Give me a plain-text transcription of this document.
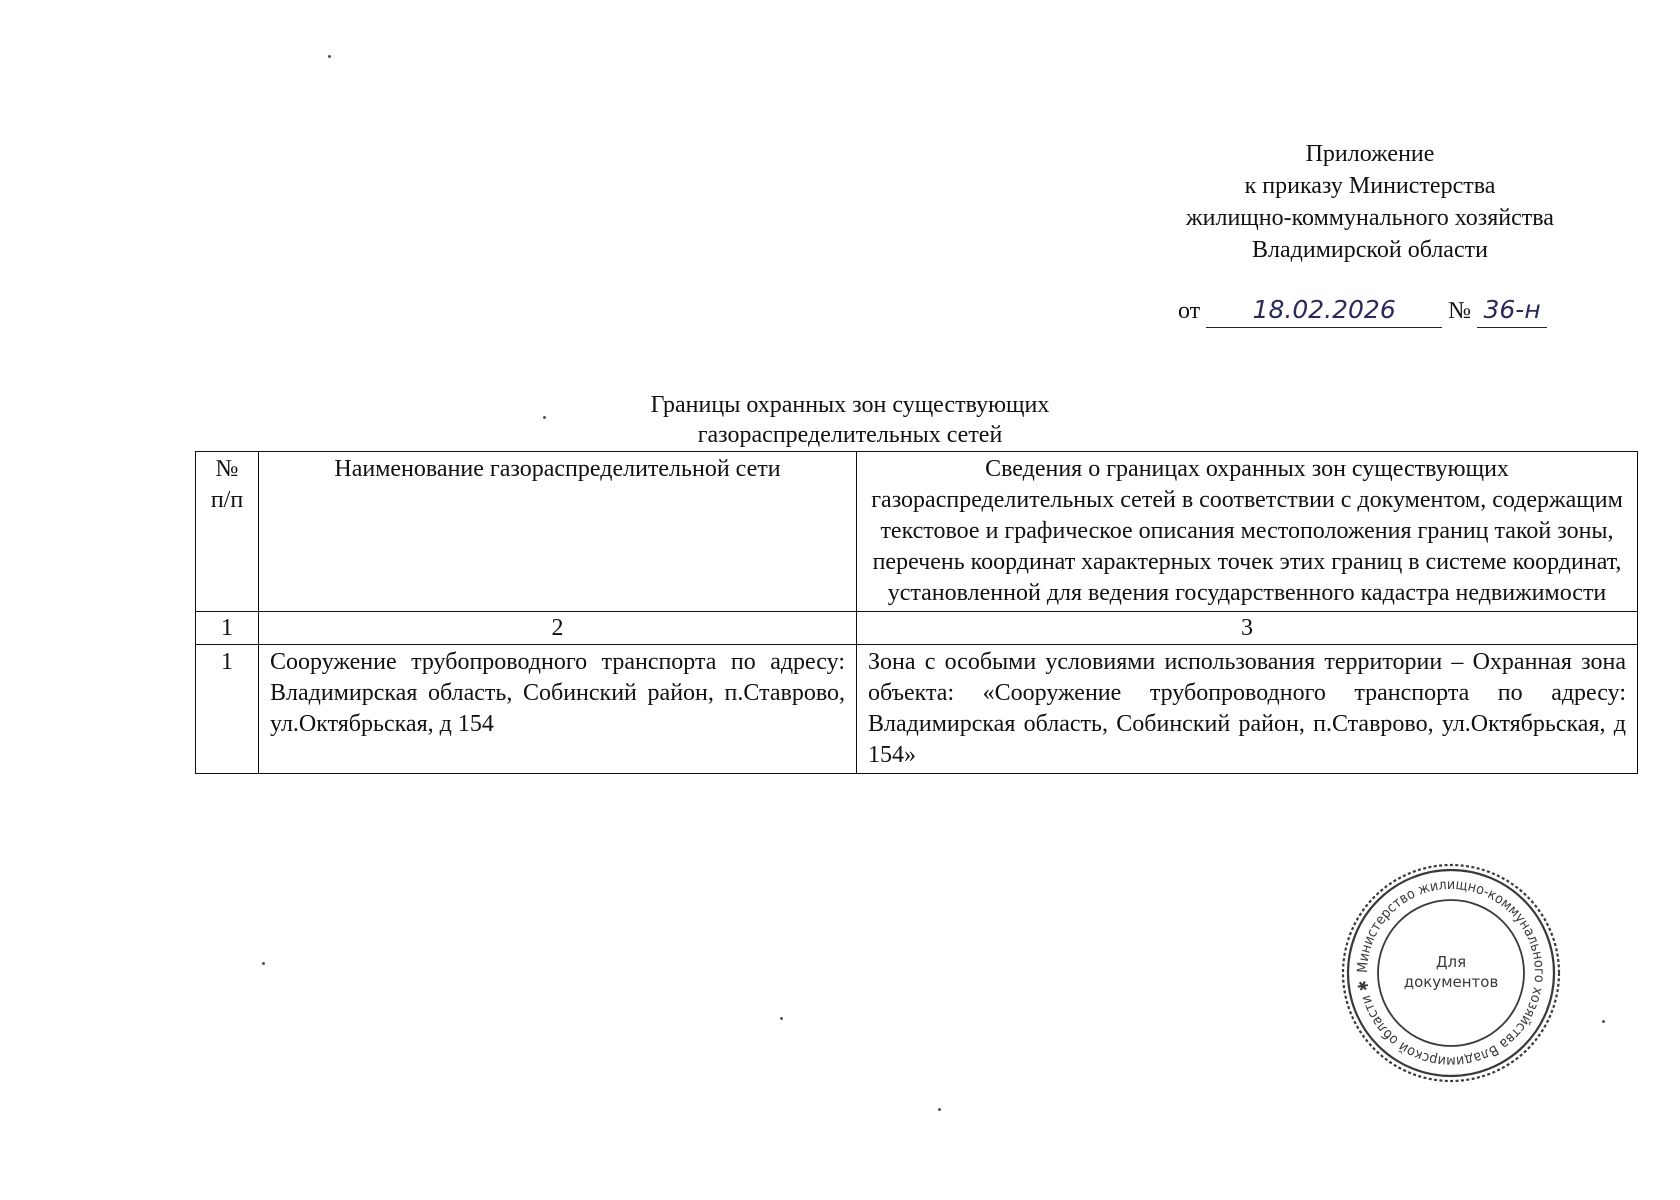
Приложение
к приказу Министерства
жилищно-коммунального хозяйства
Владимирской области
от 18.02.2026 № 36-н
Границы охранных зон существующих
газораспределительных сетей
№ п/п	Наименование газораспределительной сети	Сведения о границах охранных зон существующих газораспределительных сетей в соответствии с документом, содержащим текстовое и графическое описания местоположения границ такой зоны, перечень координат характерных точек этих границ в системе координат, установленной для ведения государственного кадастра недвижимости
1	2	3
1	Сооружение трубопроводного транспорта по адресу: Владимирская область, Собинский район, п.Ставрово, ул.Октябрьская, д 154	Зона с особыми условиями использования территории – Охранная зона объекта: «Сооружение трубопроводного транспорта по адресу: Владимирская область, Собинский район, п.Ставрово, ул.Октябрьская, д 154»
Министерство жилищно-коммунального хозяйства Владимирской области ✱
Для
документов
